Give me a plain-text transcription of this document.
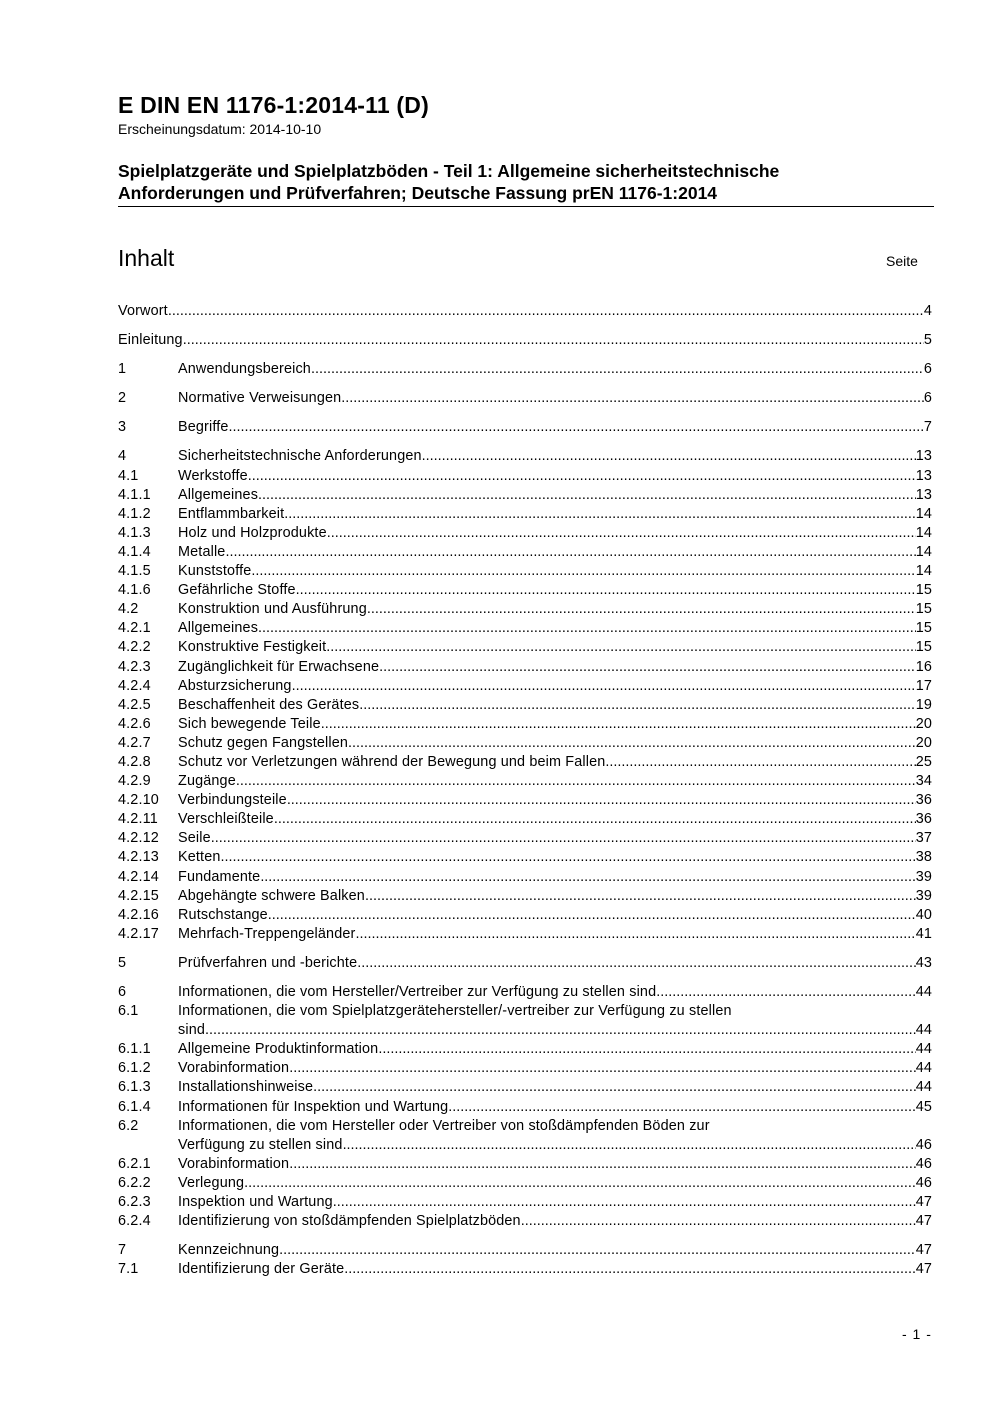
E DIN EN 1176-1:2014-11 (D)
Erscheinungsdatum: 2014-10-10
Spielplatzgeräte und Spielplatzböden - Teil 1: Allgemeine sicherheitstechnische
Anforderungen und Prüfverfahren; Deutsche Fassung prEN 1176-1:2014
Inhalt	Seite
Vorwort .....	4
Einleitung .....	5
1	Anwendungsbereich .....	6
2	Normative Verweisungen .....	6
3	Begriffe .....	7
4	Sicherheitstechnische Anforderungen .....	13
4.1	Werkstoffe .....	13
4.1.1	Allgemeines .....	13
4.1.2	Entflammbarkeit .....	14
4.1.3	Holz und Holzprodukte .....	14
4.1.4	Metalle .....	14
4.1.5	Kunststoffe .....	14
4.1.6	Gefährliche Stoffe .....	15
4.2	Konstruktion und Ausführung .....	15
4.2.1	Allgemeines .....	15
4.2.2	Konstruktive Festigkeit .....	15
4.2.3	Zugänglichkeit für Erwachsene .....	16
4.2.4	Absturzsicherung .....	17
4.2.5	Beschaffenheit des Gerätes .....	19
4.2.6	Sich bewegende Teile .....	20
4.2.7	Schutz gegen Fangstellen .....	20
4.2.8	Schutz vor Verletzungen während der Bewegung und beim Fallen .....	25
4.2.9	Zugänge .....	34
4.2.10	Verbindungsteile .....	36
4.2.11	Verschleißteile .....	36
4.2.12	Seile .....	37
4.2.13	Ketten .....	38
4.2.14	Fundamente .....	39
4.2.15	Abgehängte schwere Balken .....	39
4.2.16	Rutschstange .....	40
4.2.17	Mehrfach-Treppengeländer .....	41
5	Prüfverfahren und -berichte .....	43
6	Informationen, die vom Hersteller/Vertreiber zur Verfügung zu stellen sind .....	44
6.1	Informationen, die vom Spielplatzgerätehersteller/-vertreiber zur Verfügung zu stellen
sind .....	44
6.1.1	Allgemeine Produktinformation .....	44
6.1.2	Vorabinformation .....	44
6.1.3	Installationshinweise .....	44
6.1.4	Informationen für Inspektion und Wartung .....	45
6.2	Informationen, die vom Hersteller oder Vertreiber von stoßdämpfenden Böden zur
Verfügung zu stellen sind .....	46
6.2.1	Vorabinformation .....	46
6.2.2	Verlegung .....	46
6.2.3	Inspektion und Wartung .....	47
6.2.4	Identifizierung von stoßdämpfenden Spielplatzböden .....	47
7	Kennzeichnung .....	47
7.1	Identifizierung der Geräte .....	47
- 1 -
